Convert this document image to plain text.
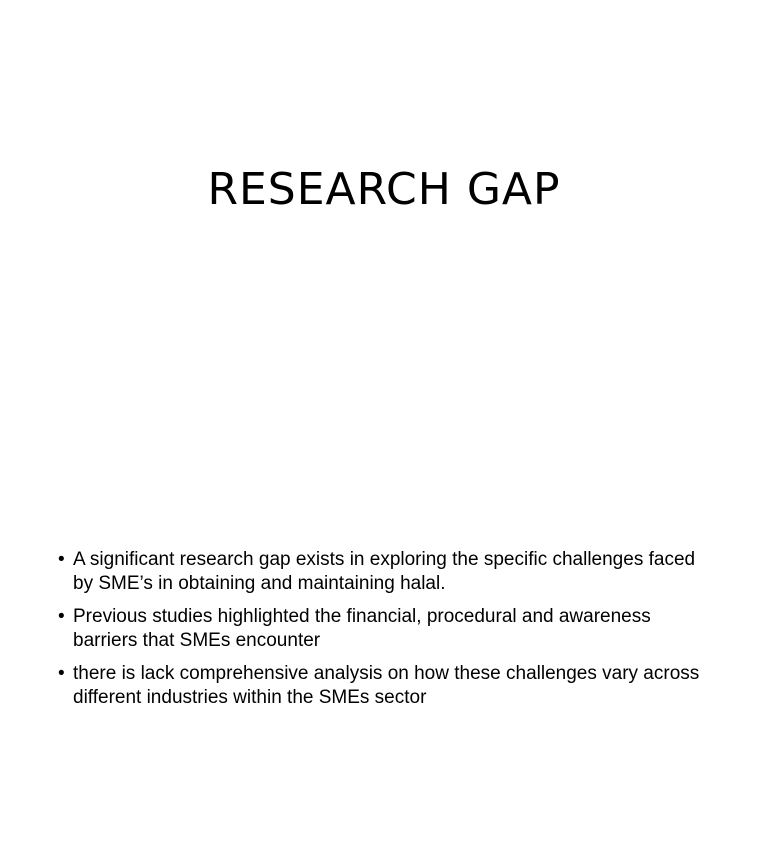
RESEARCH GAP
• A significant research gap exists in exploring the specific challenges faced by SME’s in obtaining and maintaining halal.
• Previous studies highlighted the financial, procedural and awareness barriers that SMEs encounter
• there is lack comprehensive analysis on how these challenges vary across different industries within the SMEs sector
